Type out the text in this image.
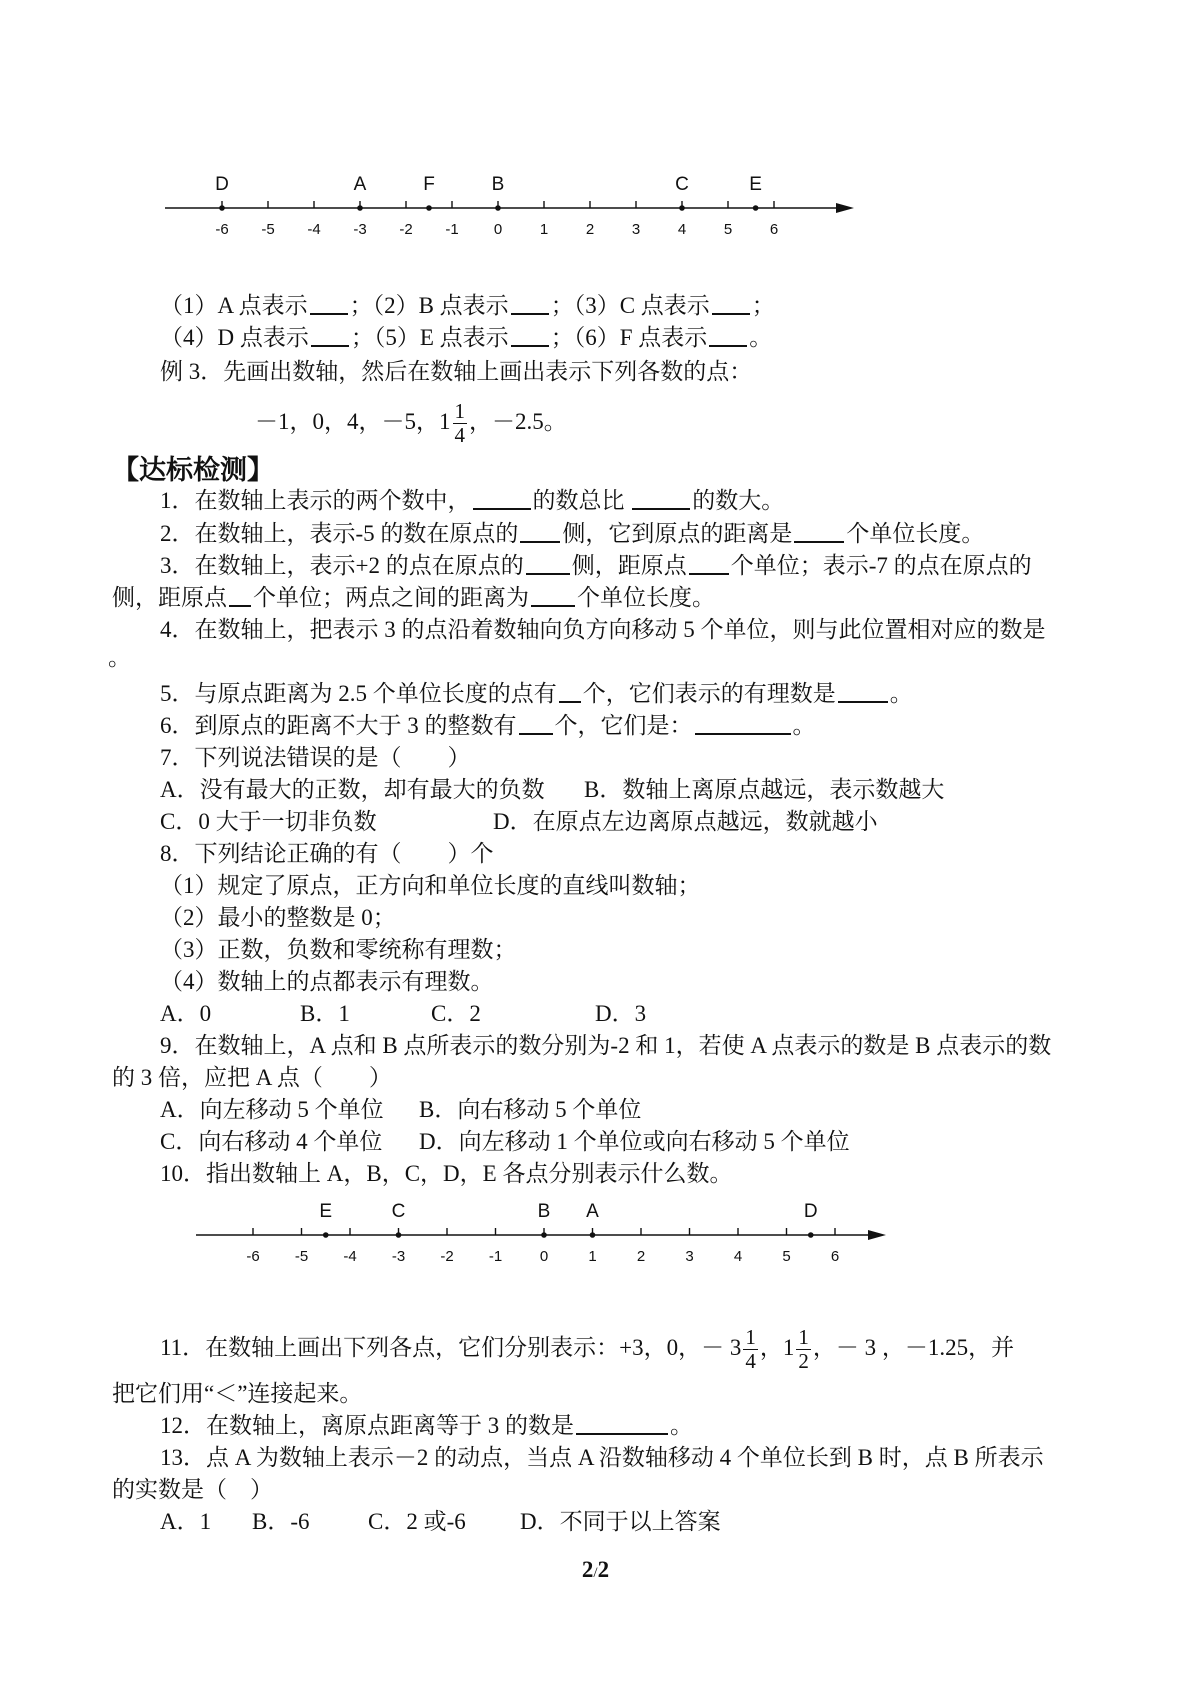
-6 -5 -4 -3 -2 -1 0	1	2	3	4	5	6
D	A	F	B	C	E
（1）A 点表示 ；（2）B 点表示 ；（3）C 点表示 ；
（4）D 点表示 ；（5）E 点表示 ；（6）F 点表示 。
例 3．先画出数轴，然后在数轴上画出表示下列各数的点：
－1，0，4，－5，$1 \frac{1}{4}$ ，－2.5。
【达标检测】
1．在数轴上表示的两个数中，	的数总比	的数大。
2．在数轴上，表示-5 的数在原点的 侧，它到原点的距离是 个单位长度。
3．在数轴上，表示+2 的点在原点的 侧，距原点 个单位；表示-7 的点在原点的
侧，距原点 个单位；两点之间的距离为 个单位长度。
4．在数轴上，把表示 3 的点沿着数轴向负方向移动 5 个单位，则与此位置相对应的数是
。
5．与原点距离为 2.5 个单位长度的点有 个，它们表示的有理数是 。
6．到原点的距离不大于 3 的整数有 个，它们是：	。
7．下列说法错误的是（　　）
A．没有最大的正数，却有最大的负数 B．数轴上离原点越远，表示数越大
C．0 大于一切非负数	D．在原点左边离原点越远，数就越小
8．下列结论正确的有（　　）个
（1）规定了原点，正方向和单位长度的直线叫数轴；
（2）最小的整数是 0；
（3）正数，负数和零统称有理数；
（4）数轴上的点都表示有理数。
A．0	B．1	C．2	D．3
9．在数轴上，A 点和 B 点所表示的数分别为-2 和 1，若使 A 点表示的数是 B 点表示的数
的 3 倍，应把 A 点（　　）
A．向左移动 5 个单位 B．向右移动 5 个单位
C．向右移动 4 个单位 D．向左移动 1 个单位或向右移动 5 个单位
10．指出数轴上 A，B，C，D，E 各点分别表示什么数。
-6 -5 -4 -3 -2 -1	0	1	2	3	4	5	6
E	C	B A	D
11．在数轴上画出下列各点，它们分别表示：+3，0，－ $3 \frac{1}{4}$ ，$1 \frac{1}{2}$ ，－ 3 ，－1.25，并
把它们用“＜”连接起来。
12．在数轴上，离原点距离等于 3 的数是	。
13．点 A 为数轴上表示－2 的动点，当点 A 沿数轴移动 4 个单位长到 B 时，点 B 所表示
的实数是（　）
A．1 B．-6	C．2 或-6 D．不同于以上答案
2/2
